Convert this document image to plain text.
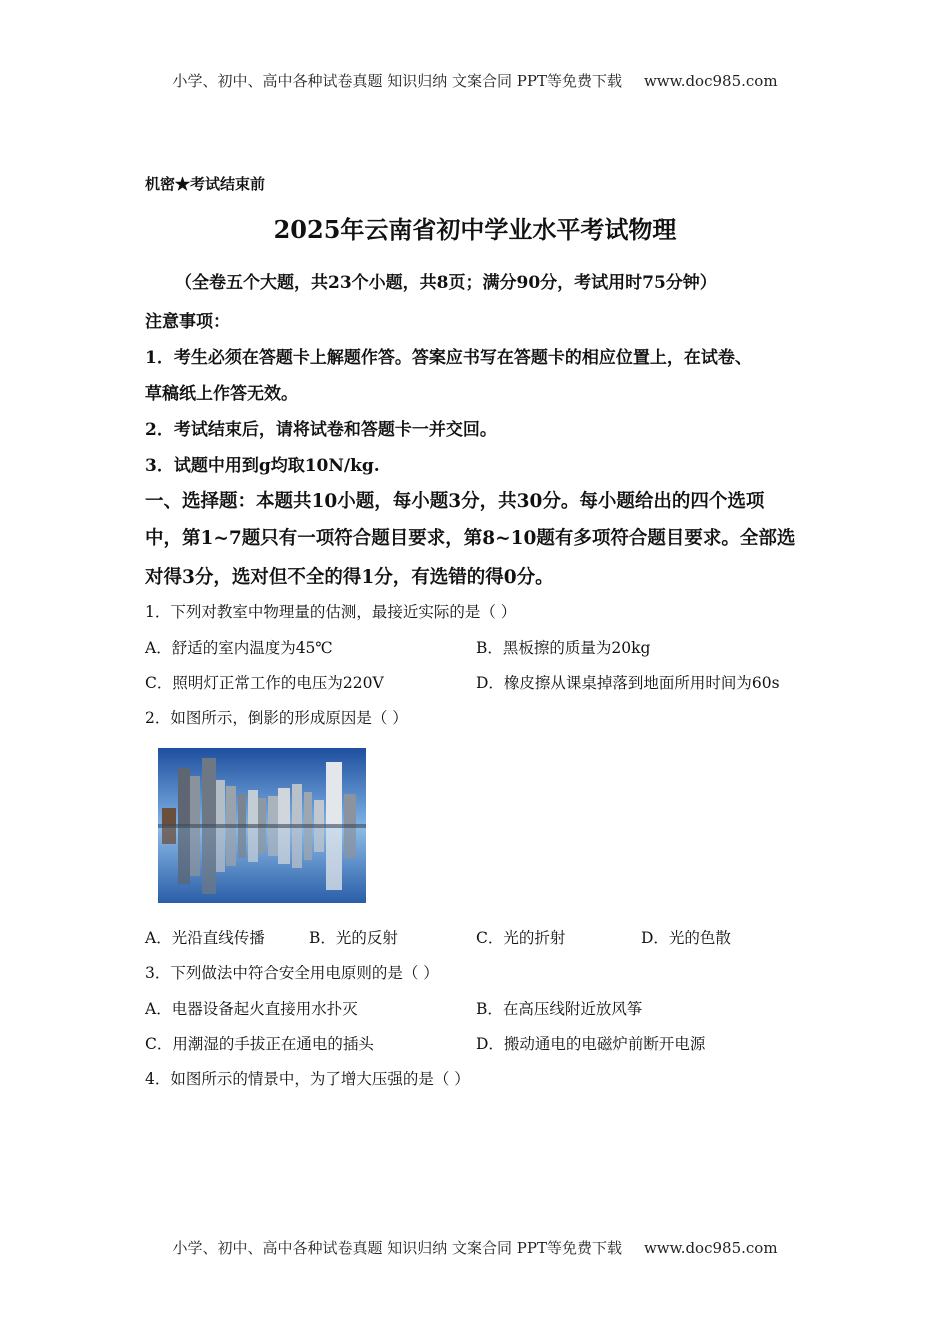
小学、初中、高中各种试卷真题 知识归纳 文案合同 PPT等免费下载 www.doc985.com
机密★考试结束前
2025年云南省初中学业水平考试物理
（全卷五个大题，共23个小题，共8页；满分90分，考试用时75分钟）
注意事项：
1．考生必须在答题卡上解题作答。答案应书写在答题卡的相应位置上，在试卷、
草稿纸上作答无效。
2．考试结束后，请将试卷和答题卡一并交回。
3．试题中用到g均取10N/kg.
一、选择题：本题共10小题，每小题3分，共30分。每小题给出的四个选项
中，第1~7题只有一项符合题目要求，第8~10题有多项符合题目要求。全部选
对得3分，选对但不全的得1分，有选错的得0分。
1．下列对教室中物理量的估测，最接近实际的是（ ）
A．舒适的室内温度为45℃	B．黑板擦的质量为20kg
C．照明灯正常工作的电压为220V	D．橡皮擦从课桌掉落到地面所用时间为60s
2．如图所示，倒影的形成原因是（ ）
A．光沿直线传播	B．光的反射	C．光的折射	D．光的色散
3．下列做法中符合安全用电原则的是（ ）
A．电器设备起火直接用水扑灭	B．在高压线附近放风筝
C．用潮湿的手拔正在通电的插头	D．搬动通电的电磁炉前断开电源
4．如图所示的情景中，为了增大压强的是（ ）
小学、初中、高中各种试卷真题 知识归纳 文案合同 PPT等免费下载 www.doc985.com
